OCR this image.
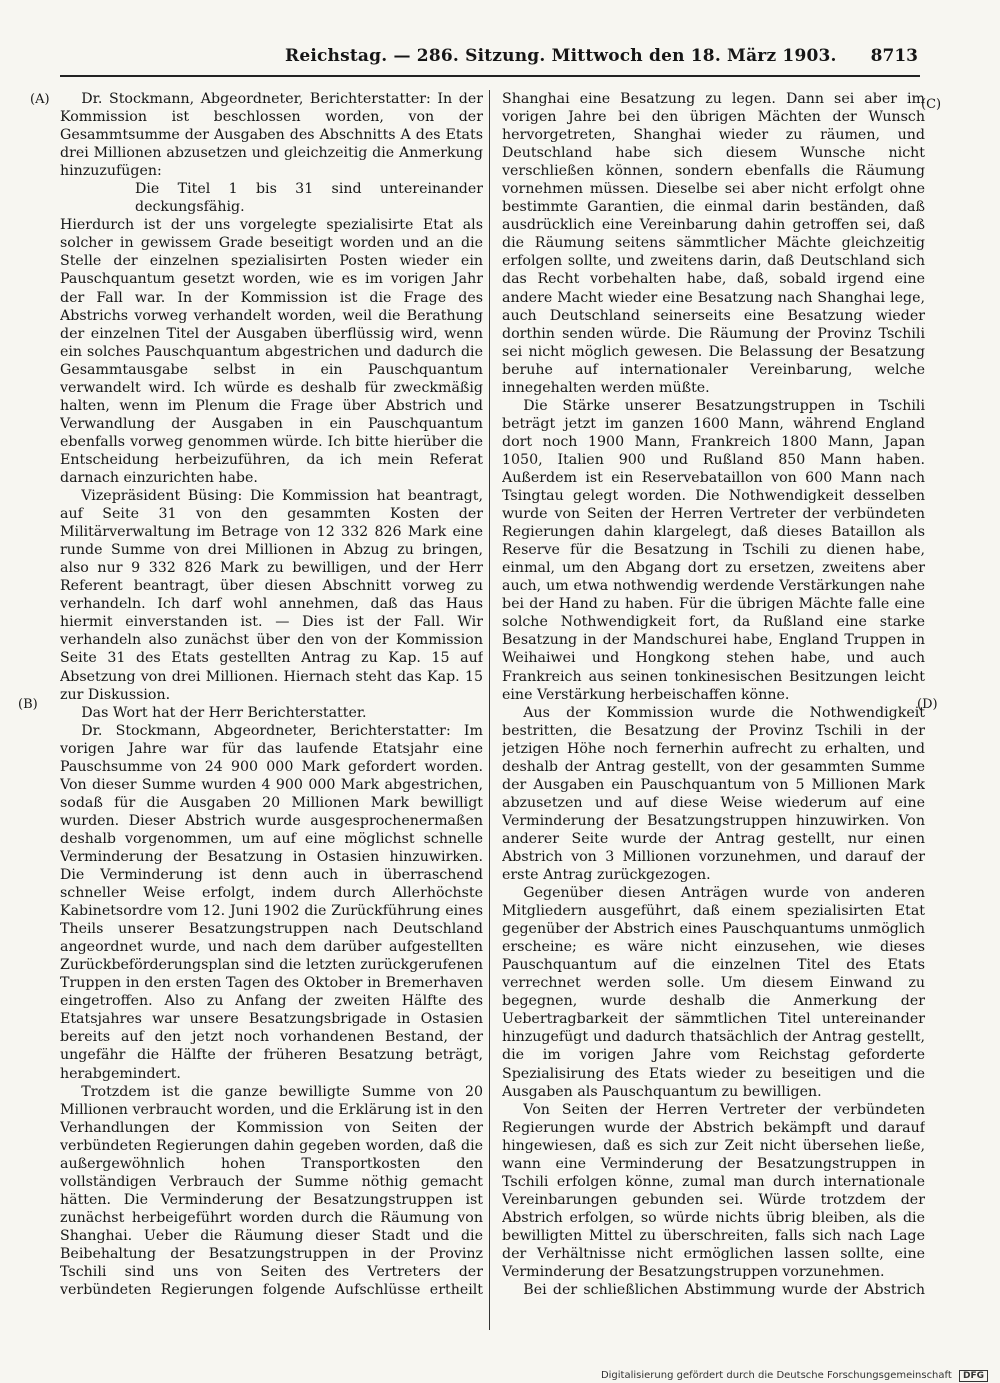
Reichstag. — 286. Sitzung. Mittwoch den 18. März 1903. 8713
(A)
(B)
(C)
(D)

Dr. Stockmann, Abgeordneter, Berichterstatter: In der Kommission ist beschlossen worden, von der Gesammtsumme der Ausgaben des Abschnitts A des Etats drei Millionen abzusetzen und gleichzeitig die Anmerkung hinzuzufügen:

Die Titel 1 bis 31 sind untereinander deckungsfähig.

Hierdurch ist der uns vorgelegte spezialisirte Etat als solcher in gewissem Grade beseitigt worden und an die Stelle der einzelnen spezialisirten Posten wieder ein Pauschquantum gesetzt worden, wie es im vorigen Jahr der Fall war. In der Kommission ist die Frage des Abstrichs vorweg verhandelt worden, weil die Berathung der einzelnen Titel der Ausgaben überflüssig wird, wenn ein solches Pauschquantum abgestrichen und dadurch die Gesammtausgabe selbst in ein Pauschquantum verwandelt wird. Ich würde es deshalb für zweckmäßig halten, wenn im Plenum die Frage über Abstrich und Verwandlung der Ausgaben in ein Pauschquantum ebenfalls vorweg genommen würde. Ich bitte hierüber die Entscheidung herbeizuführen, da ich mein Referat darnach einzurichten habe.

Vizepräsident Büsing: Die Kommission hat beantragt, auf Seite 31 von den gesammten Kosten der Militärverwaltung im Betrage von 12 332 826 Mark eine runde Summe von drei Millionen in Abzug zu bringen, also nur 9 332 826 Mark zu bewilligen, und der Herr Referent beantragt, über diesen Abschnitt vorweg zu verhandeln. Ich darf wohl annehmen, daß das Haus hiermit einverstanden ist. — Dies ist der Fall. Wir verhandeln also zunächst über den von der Kommission Seite 31 des Etats gestellten Antrag zu Kap. 15 auf Absetzung von drei Millionen. Hiernach steht das Kap. 15 zur Diskussion.

Das Wort hat der Herr Berichterstatter.

Dr. Stockmann, Abgeordneter, Berichterstatter: Im vorigen Jahre war für das laufende Etatsjahr eine Pauschsumme von 24 900 000 Mark gefordert worden. Von dieser Summe wurden 4 900 000 Mark abgestrichen, sodaß für die Ausgaben 20 Millionen Mark bewilligt wurden. Dieser Abstrich wurde ausgesprochenermaßen deshalb vorgenommen, um auf eine möglichst schnelle Verminderung der Besatzung in Ostasien hinzuwirken. Die Verminderung ist denn auch in überraschend schneller Weise erfolgt, indem durch Allerhöchste Kabinetsordre vom 12. Juni 1902 die Zurückführung eines Theils unserer Besatzungstruppen nach Deutschland angeordnet wurde, und nach dem darüber aufgestellten Zurückbeförderungsplan sind die letzten zurückgerufenen Truppen in den ersten Tagen des Oktober in Bremerhaven eingetroffen. Also zu Anfang der zweiten Hälfte des Etatsjahres war unsere Besatzungsbrigade in Ostasien bereits auf den jetzt noch vorhandenen Bestand, der ungefähr die Hälfte der früheren Besatzung beträgt, herabgemindert.

Trotzdem ist die ganze bewilligte Summe von 20 Millionen verbraucht worden, und die Erklärung ist in den Verhandlungen der Kommission von Seiten der verbündeten Regierungen dahin gegeben worden, daß die außergewöhnlich hohen Transportkosten den vollständigen Verbrauch der Summe nöthig gemacht hätten. Die Verminderung der Besatzungstruppen ist zunächst herbeigeführt worden durch die Räumung von Shanghai. Ueber die Räumung dieser Stadt und die Beibehaltung der Besatzungstruppen in der Provinz Tschili sind uns von Seiten des Vertreters der verbündeten Regierungen folgende Aufschlüsse ertheilt

Shanghai eine Besatzung zu legen. Dann sei aber im vorigen Jahre bei den übrigen Mächten der Wunsch hervorgetreten, Shanghai wieder zu räumen, und Deutschland habe sich diesem Wunsche nicht verschließen können, sondern ebenfalls die Räumung vornehmen müssen. Dieselbe sei aber nicht erfolgt ohne bestimmte Garantien, die einmal darin beständen, daß ausdrücklich eine Vereinbarung dahin getroffen sei, daß die Räumung seitens sämmtlicher Mächte gleichzeitig erfolgen sollte, und zweitens darin, daß Deutschland sich das Recht vorbehalten habe, daß, sobald irgend eine andere Macht wieder eine Besatzung nach Shanghai lege, auch Deutschland seinerseits eine Besatzung wieder dorthin senden würde. Die Räumung der Provinz Tschili sei nicht möglich gewesen. Die Belassung der Besatzung beruhe auf internationaler Vereinbarung, welche innegehalten werden müßte.

Die Stärke unserer Besatzungstruppen in Tschili beträgt jetzt im ganzen 1600 Mann, während England dort noch 1900 Mann, Frankreich 1800 Mann, Japan 1050, Italien 900 und Rußland 850 Mann haben. Außerdem ist ein Reservebataillon von 600 Mann nach Tsingtau gelegt worden. Die Nothwendigkeit desselben wurde von Seiten der Herren Vertreter der verbündeten Regierungen dahin klargelegt, daß dieses Bataillon als Reserve für die Besatzung in Tschili zu dienen habe, einmal, um den Abgang dort zu ersetzen, zweitens aber auch, um etwa nothwendig werdende Verstärkungen nahe bei der Hand zu haben. Für die übrigen Mächte falle eine solche Nothwendigkeit fort, da Rußland eine starke Besatzung in der Mandschurei habe, England Truppen in Weihaiwei und Hongkong stehen habe, und auch Frankreich aus seinen tonkinesischen Besitzungen leicht eine Verstärkung herbeischaffen könne.

Aus der Kommission wurde die Nothwendigkeit bestritten, die Besatzung der Provinz Tschili in der jetzigen Höhe noch fernerhin aufrecht zu erhalten, und deshalb der Antrag gestellt, von der gesammten Summe der Ausgaben ein Pauschquantum von 5 Millionen Mark abzusetzen und auf diese Weise wiederum auf eine Verminderung der Besatzungstruppen hinzuwirken. Von anderer Seite wurde der Antrag gestellt, nur einen Abstrich von 3 Millionen vorzunehmen, und darauf der erste Antrag zurückgezogen.

Gegenüber diesen Anträgen wurde von anderen Mitgliedern ausgeführt, daß einem spezialisirten Etat gegenüber der Abstrich eines Pauschquantums unmöglich erscheine; es wäre nicht einzusehen, wie dieses Pauschquantum auf die einzelnen Titel des Etats verrechnet werden solle. Um diesem Einwand zu begegnen, wurde deshalb die Anmerkung der Uebertragbarkeit der sämmtlichen Titel untereinander hinzugefügt und dadurch thatsächlich der Antrag gestellt, die im vorigen Jahre vom Reichstag geforderte Spezialisirung des Etats wieder zu beseitigen und die Ausgaben als Pauschquantum zu bewilligen.

Von Seiten der Herren Vertreter der verbündeten Regierungen wurde der Abstrich bekämpft und darauf hingewiesen, daß es sich zur Zeit nicht übersehen ließe, wann eine Verminderung der Besatzungstruppen in Tschili erfolgen könne, zumal man durch internationale Vereinbarungen gebunden sei. Würde trotzdem der Abstrich erfolgen, so würde nichts übrig bleiben, als die bewilligten Mittel zu überschreiten, falls sich nach Lage der Verhältnisse nicht ermöglichen lassen sollte, eine Verminderung der Besatzungstruppen vorzunehmen.

Bei der schließlichen Abstimmung wurde der Abstrich

Digitalisierung gefördert durch die Deutsche Forschungsgemeinschaft DFG
